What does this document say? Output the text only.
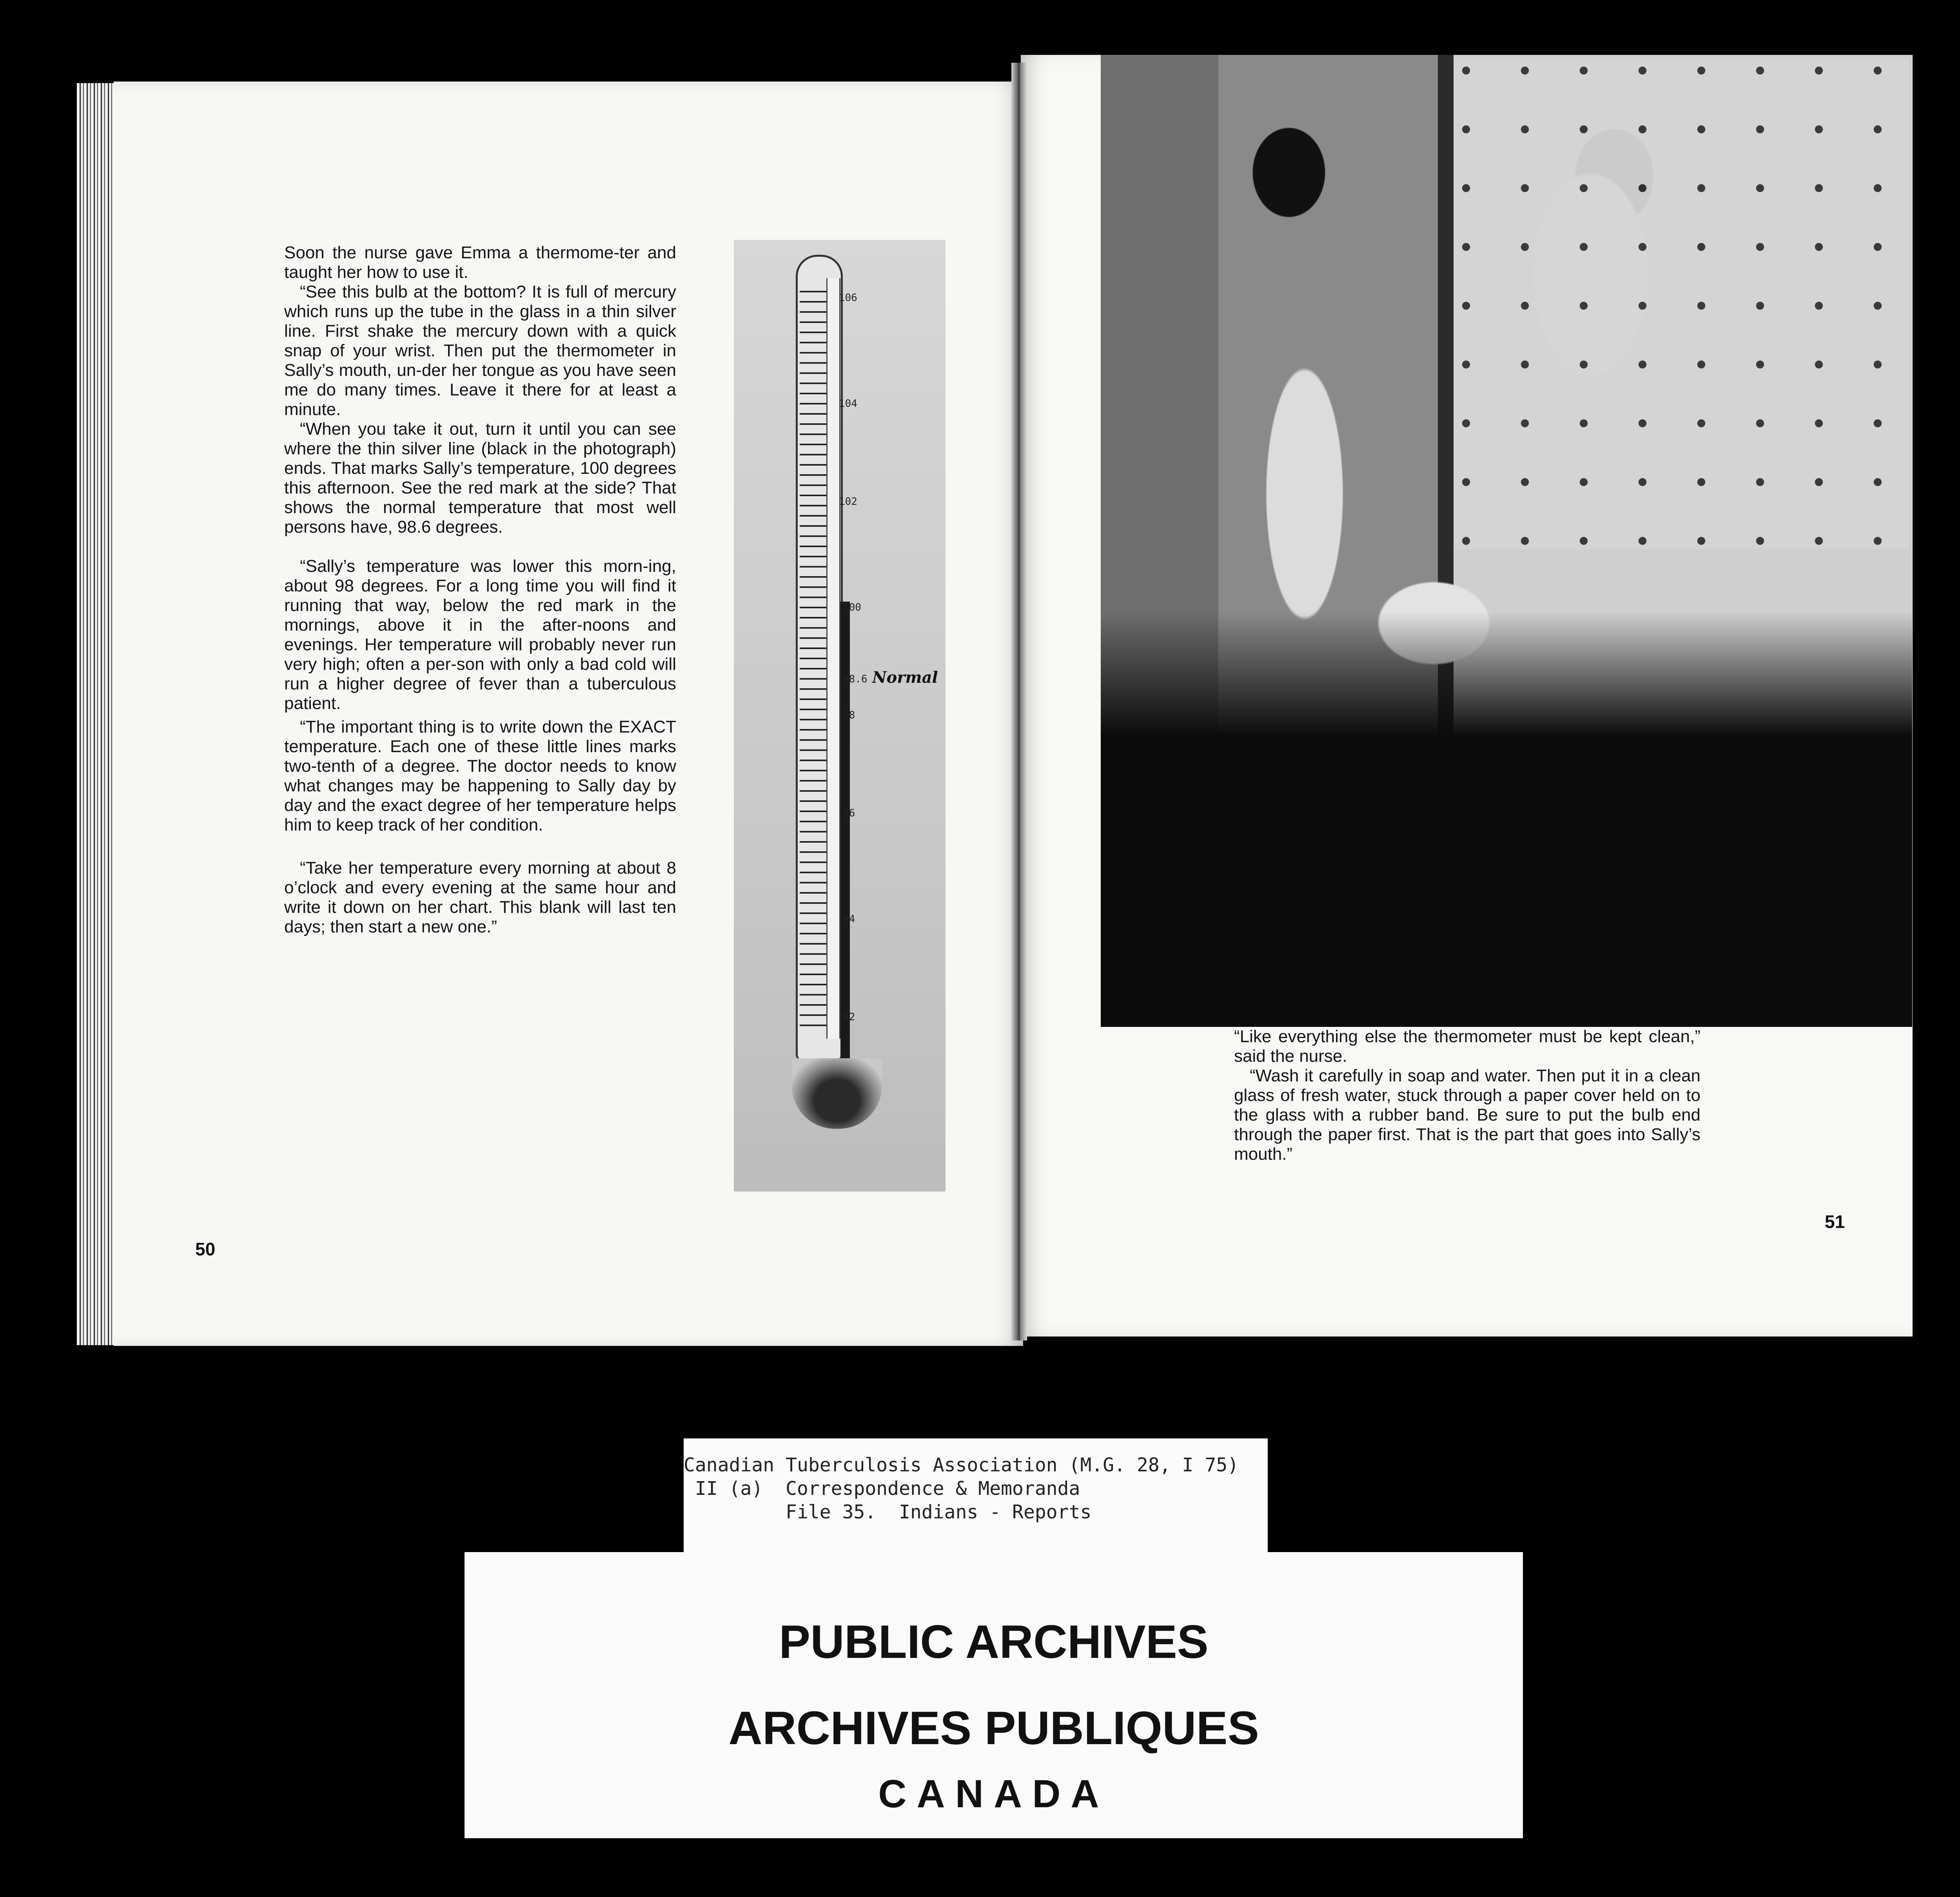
Soon the nurse gave Emma a thermome-ter and taught her how to use it.

“See this bulb at the bottom? It is full of mercury which runs up the tube in the glass in a thin silver line. First shake the mercury down with a quick snap of your wrist. Then put the thermometer in Sally’s mouth, un-der her tongue as you have seen me do many times. Leave it there for at least a minute.

“When you take it out, turn it until you can see where the thin silver line (black in the photograph) ends. That marks Sally’s temperature, 100 degrees this afternoon. See the red mark at the side? That shows the normal temperature that most well persons have, 98.6 degrees.

“Sally’s temperature was lower this morn-ing, about 98 degrees. For a long time you will find it running that way, below the red mark in the mornings, above it in the after-noons and evenings. Her temperature will probably never run very high; often a per-son with only a bad cold will run a higher degree of fever than a tuberculous patient.

“The important thing is to write down the EXACT temperature. Each one of these little lines marks two-tenth of a degree. The doctor needs to know what changes may be happening to Sally day by day and the exact degree of her temperature helps him to keep track of her condition.

“Take her temperature every morning at about 8 o’clock and every evening at the same hour and write it down on her chart. This blank will last ten days; then start a new one.”

50
106
104
102
100
98.6
98
96
94
92
Normal

“Like everything else the thermometer must be kept clean,” said the nurse.

“Wash it carefully in soap and water. Then put it in a clean glass of fresh water, stuck through a paper cover held on to the glass with a rubber band. Be sure to put the bulb end through the paper first. That is the part that goes into Sally’s mouth.”

51
Canadian Tuberculosis Association (M.G. 28, I 75)
II (a)  Correspondence & Memoranda
File 35.  Indians - Reports
PUBLIC ARCHIVES
ARCHIVES PUBLIQUES
CANADA
